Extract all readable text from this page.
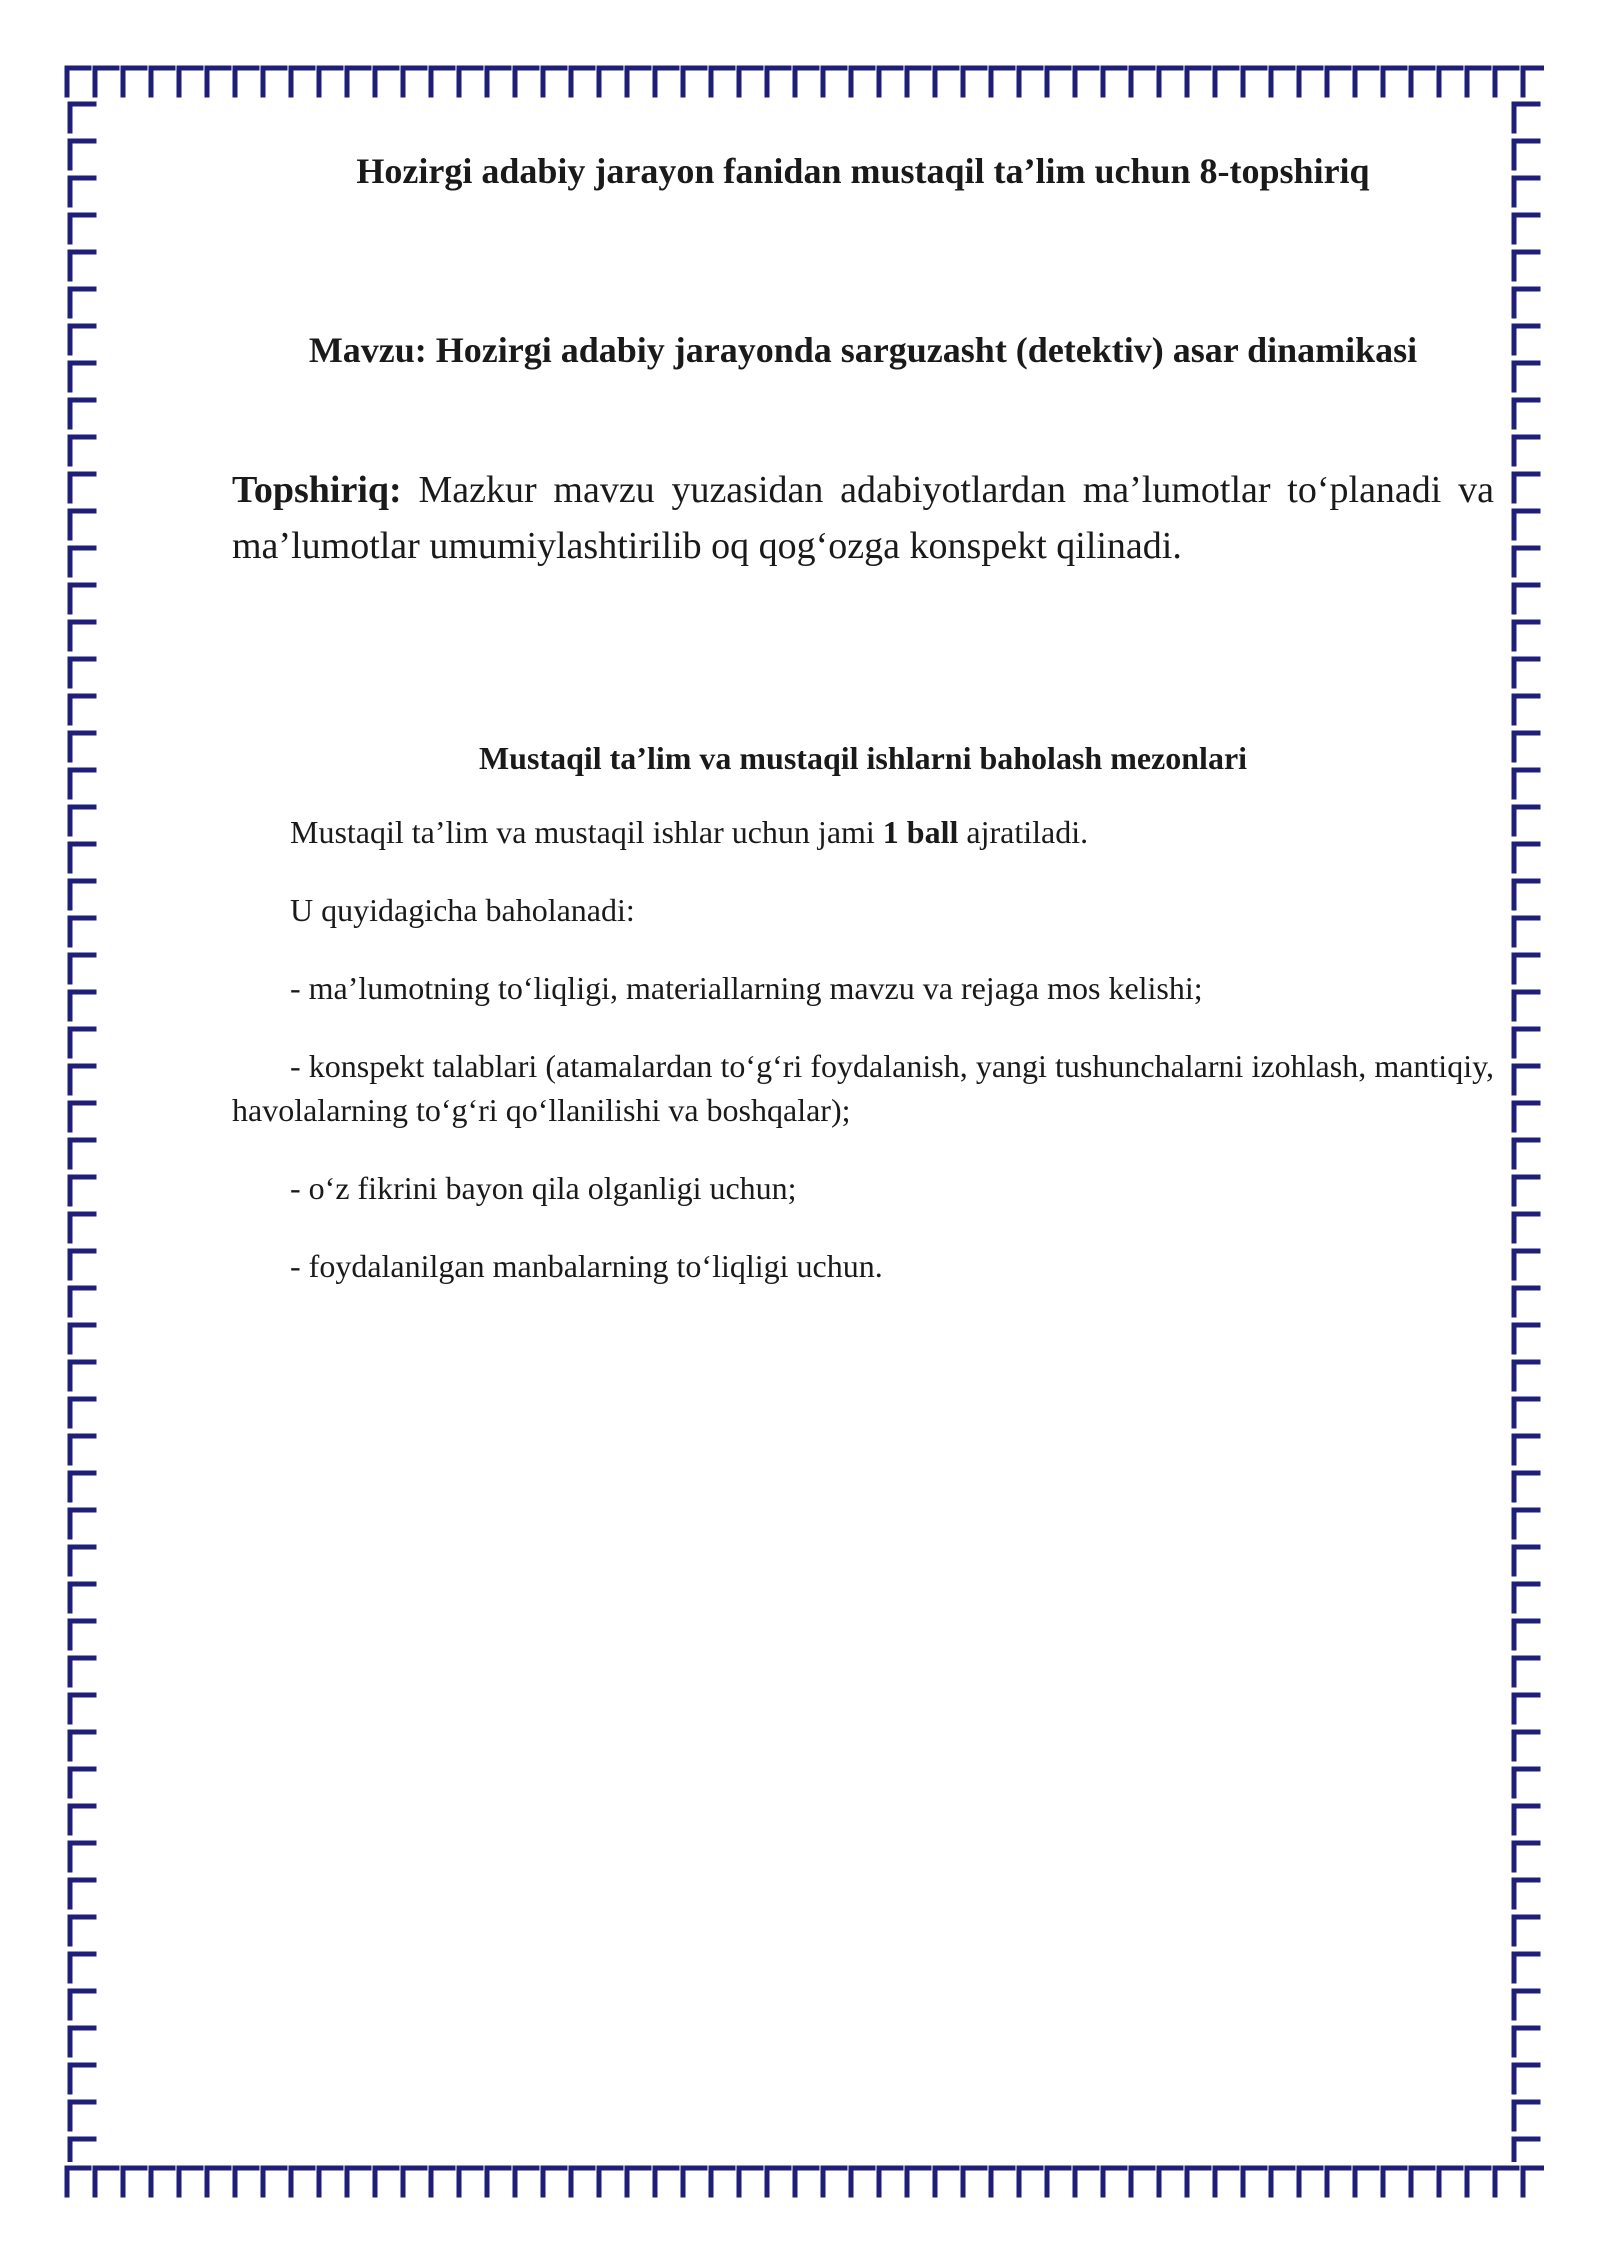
Hozirgi adabiy jarayon fanidan mustaqil ta’lim uchun 8-topshiriq
Mavzu: Hozirgi adabiy jarayonda sarguzasht (detektiv) asar dinamikasi

Topshiriq: Mazkur mavzu yuzasidan adabiyotlardan ma’lumotlar to‘planadi va ma’lumotlar umumiylashtirilib oq qog‘ozga konspekt qilinadi.

Mustaqil ta’lim va mustaqil ishlarni baholash mezonlari

Mustaqil ta’lim va mustaqil ishlar uchun jami 1 ball ajratiladi.

U quyidagicha baholanadi:

- ma’lumotning to‘liqligi, materiallarning mavzu va rejaga mos kelishi;

- konspekt talablari (atamalardan to‘g‘ri foydalanish, yangi tushunchalarni izohlash, mantiqiy, havolalarning to‘g‘ri qo‘llanilishi va boshqalar);

- o‘z fikrini bayon qila olganligi uchun;

- foydalanilgan manbalarning to‘liqligi uchun.
